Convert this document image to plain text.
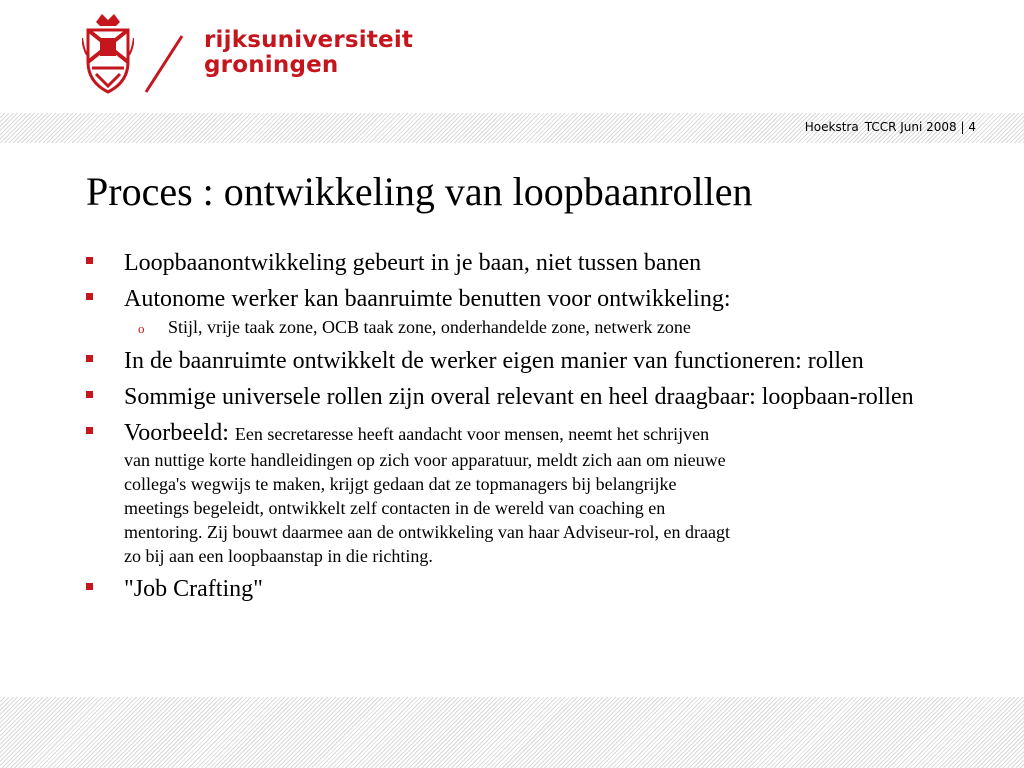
rijksuniversiteit
groningen
Hoekstra TCCR Juni 2008 | 4
Proces : ontwikkeling van loopbaanrollen
Loopbaanontwikkeling gebeurt in je baan, niet tussen banen
Autonome werker kan baanruimte benutten voor ontwikkeling:
o Stijl, vrije taak zone, OCB taak zone, onderhandelde zone, netwerk zone
In de baanruimte ontwikkelt de werker eigen manier van functioneren: rollen
Sommige universele rollen zijn overal relevant en heel draagbaar: loopbaan-rollen
Voorbeeld: Een secretaresse heeft aandacht voor mensen, neemt het schrijven
van nuttige korte handleidingen op zich voor apparatuur, meldt zich aan om nieuwe
collega's wegwijs te maken, krijgt gedaan dat ze topmanagers bij belangrijke
meetings begeleidt, ontwikkelt zelf contacten in de wereld van coaching en
mentoring. Zij bouwt daarmee aan de ontwikkeling van haar Adviseur-rol, en draagt
zo bij aan een loopbaanstap in die richting.
"Job Crafting"
